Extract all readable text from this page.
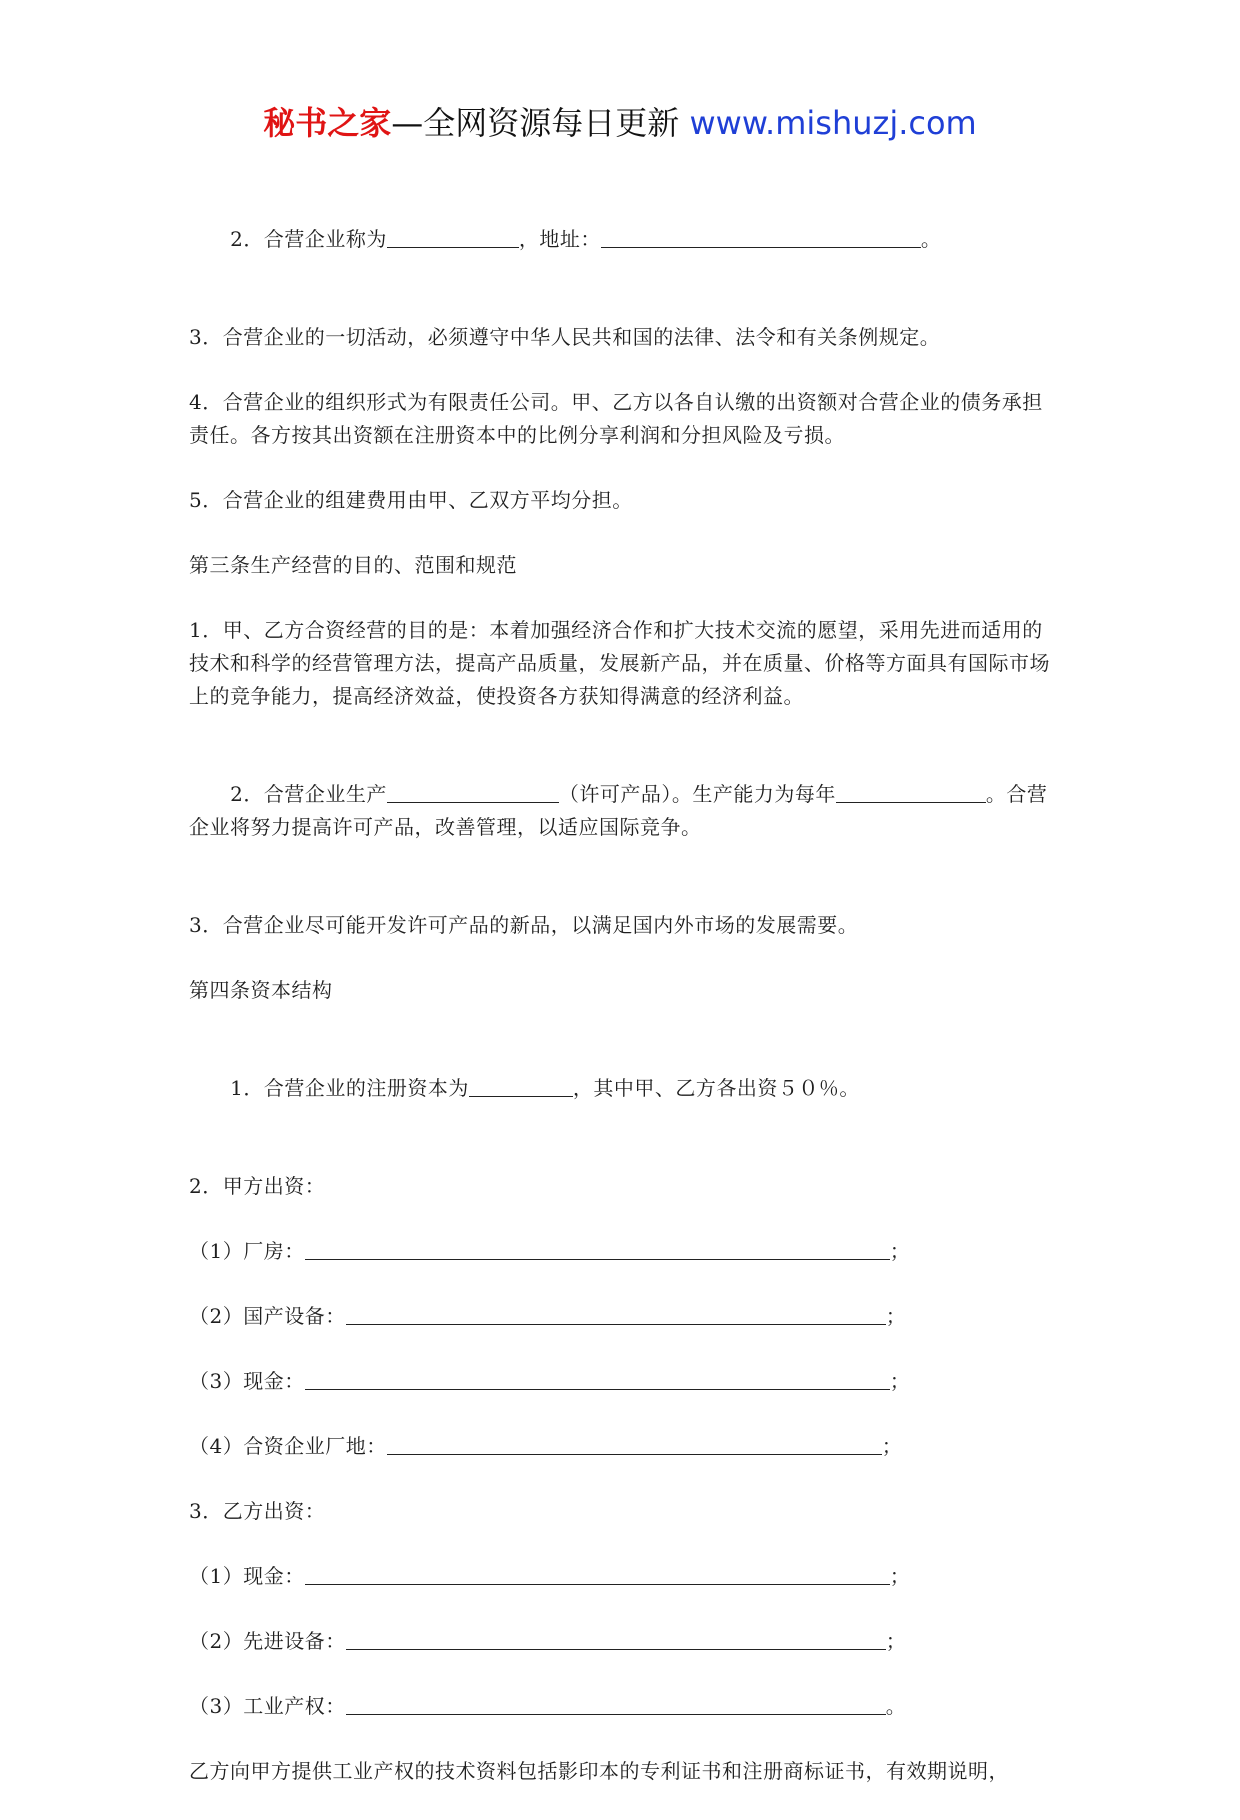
秘书之家—全网资源每日更新 www.mishuzj.com

2．合营企业称为	，地址：	。

3．合营企业的一切活动，必须遵守中华人民共和国的法律、法令和有关条例规定。

4．合营企业的组织形式为有限责任公司。甲、乙方以各自认缴的出资额对合营企业的债务承担责任。各方按其出资额在注册资本中的比例分享利润和分担风险及亏损。

5．合营企业的组建费用由甲、乙双方平均分担。

第三条生产经营的目的、范围和规范

1．甲、乙方合资经营的目的是：本着加强经济合作和扩大技术交流的愿望，采用先进而适用的技术和科学的经营管理方法，提高产品质量，发展新产品，并在质量、价格等方面具有国际市场上的竞争能力，提高经济效益，使投资各方获知得满意的经济利益。

2．合营企业生产	（许可产品）。生产能力为每年	。合营企业将努力提高许可产品，改善管理，以适应国际竞争。

3．合营企业尽可能开发许可产品的新品，以满足国内外市场的发展需要。

第四条资本结构

1．合营企业的注册资本为	，其中甲、乙方各出资５０％。

2．甲方出资：

（1）厂房：	；

（2）国产设备：	；

（3）现金：	；

（4）合资企业厂地：	；

3．乙方出资：

（1）现金：	；

（2）先进设备：	；

（3）工业产权：	。

乙方向甲方提供工业产权的技术资料包括影印本的专利证书和注册商标证书，有效期说明，
